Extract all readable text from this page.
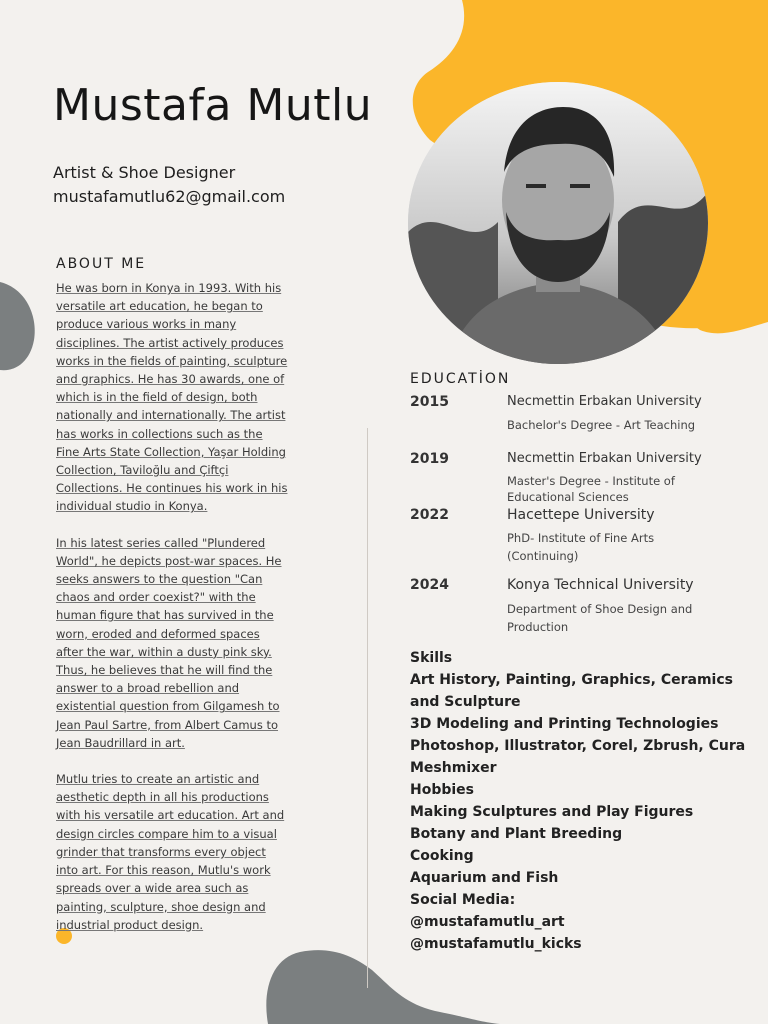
Mustafa Mutlu
Artist & Shoe Designer
mustafamutlu62@gmail.com
ABOUT ME

He was born in Konya in 1993. With his versatile art education, he began to produce various works in many disciplines. The artist actively produces works in the fields of painting, sculpture and graphics. He has 30 awards, one of which is in the field of design, both nationally and internationally. The artist has works in collections such as the Fine Arts State Collection, Yaşar Holding Collection, Taviloğlu and Çiftçi Collections. He continues his work in his individual studio in Konya.

In his latest series called "Plundered World", he depicts post-war spaces. He seeks answers to the question "Can chaos and order coexist?" with the human figure that has survived in the worn, eroded and deformed spaces after the war, within a dusty pink sky. Thus, he believes that he will find the answer to a broad rebellion and existential question from Gilgamesh to Jean Paul Sartre, from Albert Camus to Jean Baudrillard in art.

Mutlu tries to create an artistic and aesthetic depth in all his productions with his versatile art education. Art and design circles compare him to a visual grinder that transforms every object into art. For this reason, Mutlu's work spreads over a wide area such as painting, sculpture, shoe design and industrial product design.

EDUCATİON
2015	Necmettin Erbakan University
Bachelor's Degree - Art Teaching
2019	Necmettin Erbakan University
Master's Degree - Institute of Educational Sciences
2022	Hacettepe University
PhD- Institute of Fine Arts (Continuing)
2024	Konya Technical University
Department of Shoe Design and Production
Skills
Art History, Painting, Graphics, Ceramics
and Sculpture
3D Modeling and Printing Technologies
Photoshop, Illustrator, Corel, Zbrush, Cura
Meshmixer
Hobbies
Making Sculptures and Play Figures
Botany and Plant Breeding
Cooking
Aquarium and Fish
Social Media:
@mustafamutlu_art
@mustafamutlu_kicks
